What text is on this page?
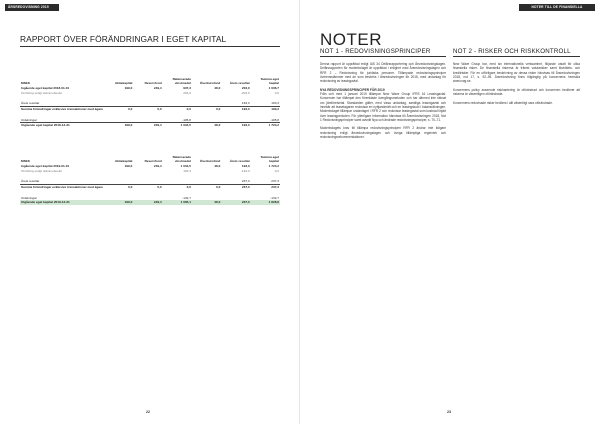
ÅRSREDOVISNING 2019
RAPPORT ÖVER FÖRÄNDRINGAR I EGET KAPITAL
MSEK	Aktiekapital	Reservfond	Balanserade vinstmedel	Överkursfond	Årets resultat	Summa eget kapital
Ingående eget kapital 2018-01-01	199,0	249,4	937,3	48,0	203,0	1 636,7
Omföring enligt stämmobeslut			203,0		-203,0	0,0

Årets resultat					193,3	193,3
Summa förändringar exklusive transaktioner med ägare	0,0	0,0	0,0	0,0	193,3	193,3

Utdelningar			-105,8			-105,8
Utgående eget kapital 2018-12-31	199,0	249,4	1 034,5	48,0	193,3	1 724,2
MSEK	Aktiekapital	Reservfond	Balanserade vinstmedel	Överkursfond	Årets resultat	Summa eget kapital
Ingående eget kapital 2019-01-01	199,0	249,4	1 034,5	48,0	193,3	1 724,2
Omföring enligt stämmobeslut			193,3		-193,3	0,0

Årets resultat					237,3	237,3
Summa förändringar exklusive transaktioner med ägare	0,0	0,0	0,0	0,0	237,3	237,3

Utdelningar			-132,7			-132,7
Utgående eget kapital 2019-12-31	199,0	249,4	1 095,1	48,0	237,3	1 828,8
22
NOTER TILL DE FINANSIELLA RAPPORTERNA
NOTER
NOT 1 - REDOVISNINGSPRINCIPER

Denna rapport är upprättad enligt IAS 34 Delårsrapportering och Årsredovisningslagen. Delårsrapporten för moderbolaget är upprättad i enlighet med Årsredovisningslagen och RFR 2 – Redovisning för juridiska personer. Tillämpade redovisningsprinciper överensstämmer med de som beskrivs i årsredovisningen för 2018, med undantag för redovisning av leasingavtal.

NYA REDOVISNINGSPRINCIPER FÖR 2019

Från och med 1 januari 2019 tillämpar New Wave Group IFRS 16 Leasingavtal. Koncernen har tillämpat den förenklade övergångsmetoden och har därmed inte räknat om jämförelsetal. Standarden gäller, med vissa undantag, samtliga leasingavtal och innebär att leasetagaren redovisar en nyttjanderätt och en leasingskuld i balansräkningen. Moderbolaget tillämpar undantaget i RFR 2 och redovisar leasingavtal som kostnad linjärt över leasingperioden. För ytterligare information hänvisas till Årsredovisningen 2018, Not 1 Redovisningsprinciper samt avsnitt Nya och ändrade redovisningsprinciper, s. 70–71.

Moderbolagets krav till tillämpa redovisningsprincipen RFR 2 ändrar inte tidigare redovisning enligt årsredovisningslagen och övriga tillämpliga regelverk och redovisningsrekommendationer.

NOT 2 - RISKER OCH RISKKONTROLL

New Wave Group har, med sin internationella verksamhet, flöjande utsatt för olika finansiella risker. De finansiella riskerna är främst valutarisker samt likviditets- och kreditrisker. För en utförligare beskrivning av dessa risker hänvisas till Årsredovisningen 2018, not 17, s. 92–95. Årsredovisning finns tillgänglig på koncernens hemsida www.nwg.se.

Koncernens policy avseende riskhantering är oförändrad och koncernen bedömer att riskerna är väsentligen oförändrade.

Koncernens redovisade risker bedöms i allt väsentligt vara oförändrade.

23
